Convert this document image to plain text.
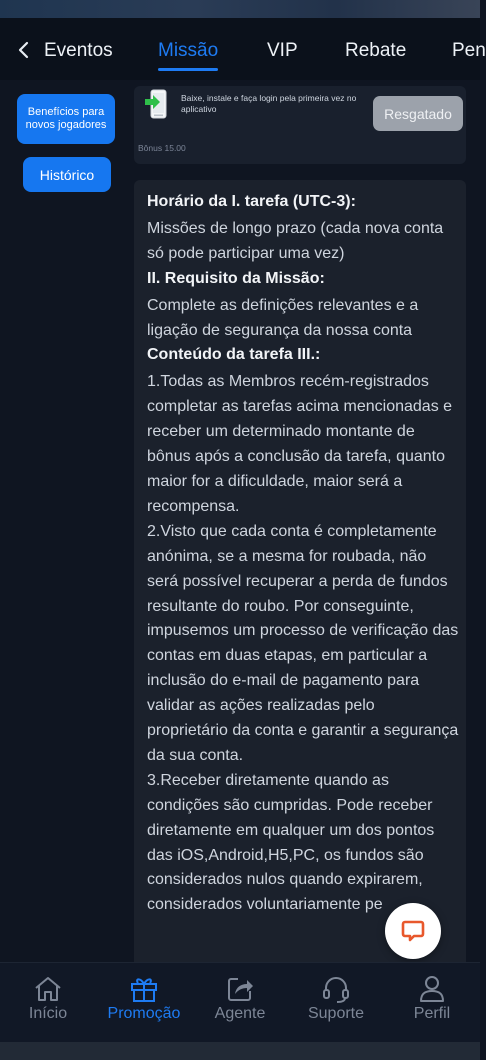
Eventos Missão	VIP Rebate Pen
Benefícios para novos jogadores
Histórico
Baixe, instale e faça login pela primeira vez no aplicativo
Bônus 15.00
Resgatado

Horário da I. tarefa (UTC-3):

Missões de longo prazo (cada nova conta só pode participar uma vez)

II. Requisito da Missão:

Complete as definições relevantes e a ligação de segurança da nossa conta

Conteúdo da tarefa III.:

1.Todas as Membros recém-registrados completar as tarefas acima mencionadas e receber um determinado montante de bônus após a conclusão da tarefa, quanto maior for a dificuldade, maior será a recompensa.

2.Visto que cada conta é completamente anónima, se a mesma for roubada, não será possível recuperar a perda de fundos resultante do roubo. Por conseguinte, impusemos um processo de verificação das contas em duas etapas, em particular a inclusão do e-mail de pagamento para validar as ações realizadas pelo proprietário da conta e garantir a segurança da sua conta.

3.Receber diretamente quando as condições são cumpridas. Pode receber diretamente em qualquer um dos pontos das iOS,Android,H5,PC, os fundos são considerados nulos quando expirarem, considerados voluntariamente pe

Início	Promoção	Agente	Suporte	Perfil
